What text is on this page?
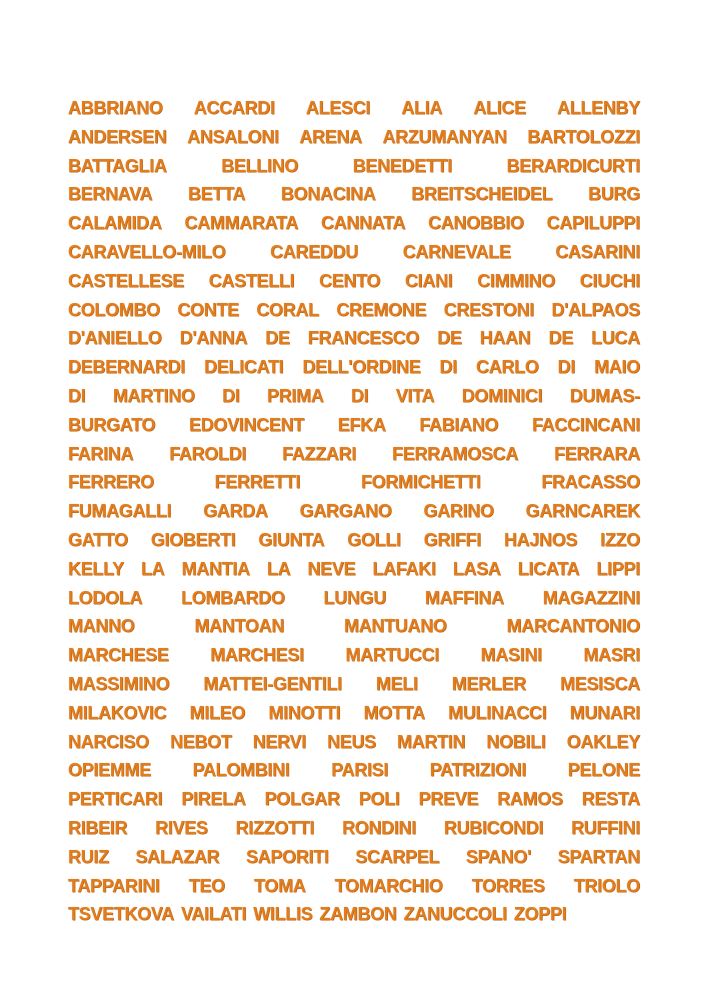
ABBRIANO ACCARDI ALESCI ALIA ALICE ALLENBY
ANDERSEN ANSALONI ARENA ARZUMANYAN BARTOLOZZI
BATTAGLIA	BELLINO	BENEDETTI	BERARDICURTI
BERNAVA BETTA BONACINA BREITSCHEIDEL BURG
CALAMIDA CAMMARATA CANNATA CANOBBIO CAPILUPPI
CARAVELLO-MILO CAREDDU CARNEVALE CASARINI
CASTELLESE CASTELLI CENTO CIANI CIMMINO CIUCHI
COLOMBO CONTE CORAL CREMONE CRESTONI D'ALPAOS
D'ANIELLO D'ANNA DE FRANCESCO DE HAAN DE LUCA
DEBERNARDI DELICATI DELL'ORDINE DI CARLO DI MAIO
DI MARTINO DI PRIMA DI VITA DOMINICI DUMAS-
BURGATO EDOVINCENT EFKA FABIANO FACCINCANI
FARINA FAROLDI FAZZARI FERRAMOSCA FERRARA
FERRERO	FERRETTI	FORMICHETTI	FRACASSO
FUMAGALLI GARDA GARGANO GARINO GARNCAREK
GATTO GIOBERTI GIUNTA GOLLI GRIFFI HAJNOS IZZO
KELLY LA MANTIA LA NEVE LAFAKI LASA LICATA LIPPI
LODOLA LOMBARDO LUNGU MAFFINA MAGAZZINI
MANNO	MANTOAN	MANTUANO	MARCANTONIO
MARCHESE MARCHESI MARTUCCI MASINI MASRI
MASSIMINO MATTEI-GENTILI MELI MERLER MESISCA
MILAKOVIC MILEO MINOTTI MOTTA MULINACCI MUNARI
NARCISO NEBOT NERVI NEUS MARTIN NOBILI OAKLEY
OPIEMME PALOMBINI PARISI PATRIZIONI PELONE
PERTICARI PIRELA POLGAR POLI PREVE RAMOS RESTA
RIBEIR RIVES RIZZOTTI RONDINI RUBICONDI RUFFINI
RUIZ SALAZAR SAPORITI SCARPEL SPANO' SPARTAN
TAPPARINI TEO TOMA TOMARCHIO TORRES TRIOLO
TSVETKOVA VAILATI WILLIS ZAMBON ZANUCCOLI ZOPPI
